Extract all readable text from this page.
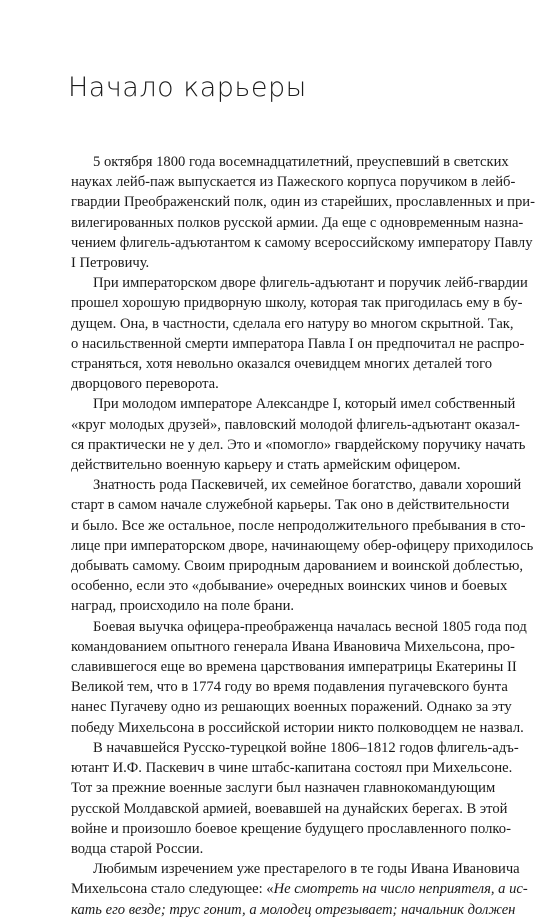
Начало карьеры

5 октября 1800 года восемнадцатилетний, преуспевший в светских
науках лейб-паж выпускается из Пажеского корпуса поручиком в лейб-
гвардии Преображенский полк, один из старейших, прославленных и при-
вилегированных полков русской армии. Да еще с одновременным назна-
чением флигель-адъютантом к самому всероссийскому императору Павлу
I Петровичу.

При императорском дворе флигель-адъютант и поручик лейб-гвардии
прошел хорошую придворную школу, которая так пригодилась ему в бу-
дущем. Она, в частности, сделала его натуру во многом скрытной. Так,
о насильственной смерти императора Павла I он предпочитал не распро-
страняться, хотя невольно оказался очевидцем многих деталей того
дворцового переворота.

При молодом императоре Александре I, который имел собственный
«круг молодых друзей», павловский молодой флигель-адъютант оказал-
ся практически не у дел. Это и «помогло» гвардейскому поручику начать
действительно военную карьеру и стать армейским офицером.

Знатность рода Паскевичей, их семейное богатство, давали хороший
старт в самом начале служебной карьеры. Так оно в действительности
и было. Все же остальное, после непродолжительного пребывания в сто-
лице при императорском дворе, начинающему обер-офицеру приходилось
добывать самому. Своим природным дарованием и воинской доблестью,
особенно, если это «добывание» очередных воинских чинов и боевых
наград, происходило на поле брани.

Боевая выучка офицера-преображенца началась весной 1805 года под
командованием опытного генерала Ивана Ивановича Михельсона, про-
славившегося еще во времена царствования императрицы Екатерины II
Великой тем, что в 1774 году во время подавления пугачевского бунта
нанес Пугачеву одно из решающих военных поражений. Однако за эту
победу Михельсона в российской истории никто полководцем не назвал.

В начавшейся Русско-турецкой войне 1806–1812 годов флигель-адъ-
ютант И.Ф. Паскевич в чине штабс-капитана состоял при Михельсоне.
Тот за прежние военные заслуги был назначен главнокомандующим
русской Молдавской армией, воевавшей на дунайских берегах. В этой
войне и произошло боевое крещение будущего прославленного полко-
водца старой России.

Любимым изречением уже престарелого в те годы Ивана Ивановича
Михельсона стало следующее: «Не смотреть на число неприятеля, а ис-
кать его везде; трус гонит, а молодец отрезывает; начальник должен
